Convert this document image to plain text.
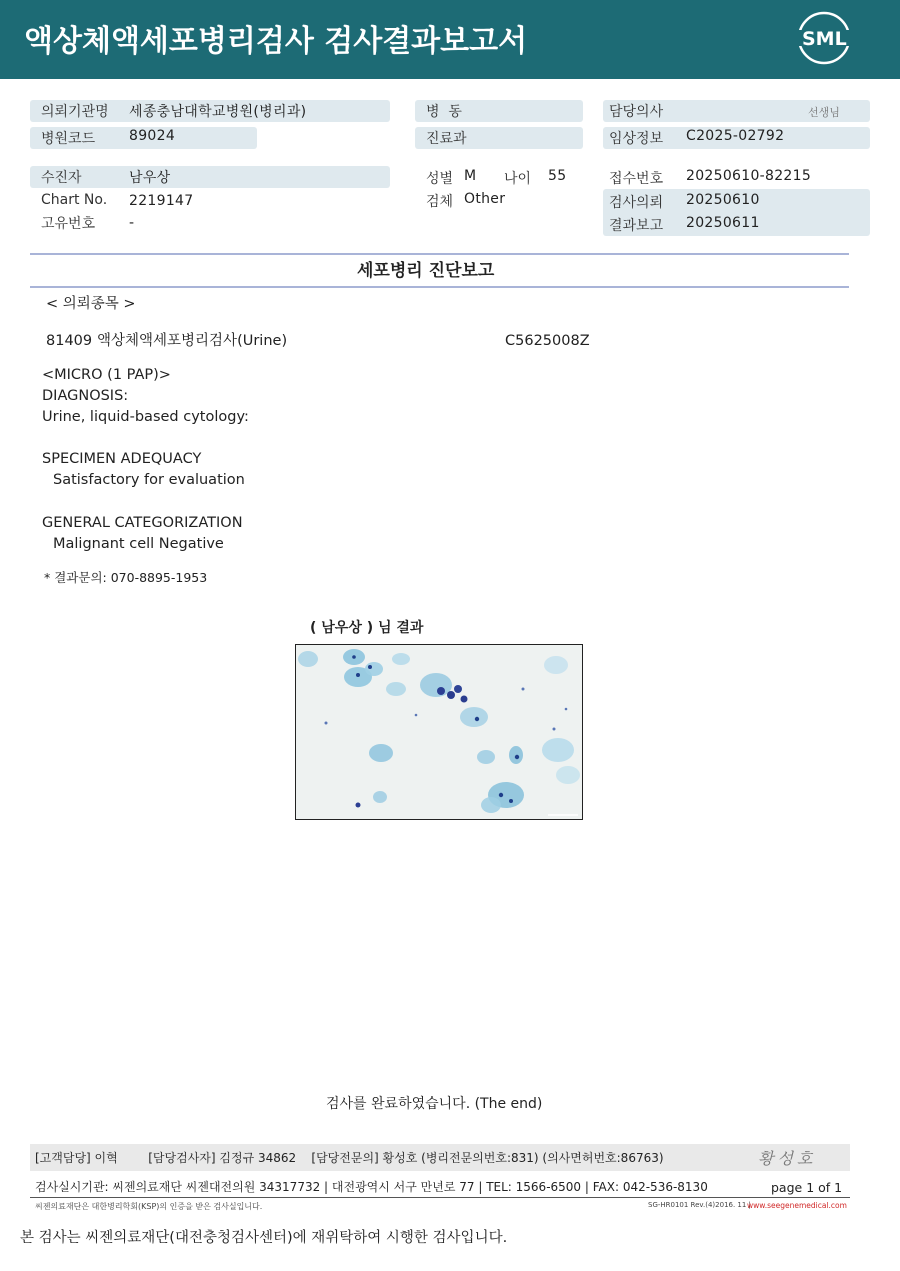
액상체액세포병리검사 검사결과보고서	SML
의뢰기관명 세종충남대학교병원(병리과)	병  동	담당의사	선생님
병원코드 89024	진료과	임상정보 C2025-02792
수진자	남우상	성별 M 나이 55	접수번호 20250610-82215
Chart No. 2219147	검체 Other	검사의뢰 20250610
고유번호 -	결과보고 20250611
세포병리 진단보고
< 의뢰종목 >
81409 액상체액세포병리검사(Urine)	C5625008Z
<MICRO (1 PAP)>
DIAGNOSIS:
Urine, liquid-based cytology:
SPECIMEN ADEQUACY
Satisfactory for evaluation
GENERAL CATEGORIZATION
Malignant cell Negative
* 결과문의: 070-8895-1953
( 남우상 ) 님 결과
검사를 완료하였습니다. (The end)
[고객담당] 이혁        [담당검사자] 김정규 34862    [담당전문의] 황성호 (병리전문의번호:831) (의사면허번호:86763)	황성호
검사실시기관: 씨젠의료재단 씨젠대전의원 34317732 | 대전광역시 서구 만년로 77 | TEL: 1566-6500 | FAX: 042-536-8130	page 1 of 1
씨젠의료재단은 대한병리학회(KSP)의 인증을 받은 검사실입니다.	SG-HR0101 Rev.(4)2016. 11 |
www.seegenemedical.com
본 검사는 씨젠의료재단(대전충청검사센터)에 재위탁하여 시행한 검사입니다.
